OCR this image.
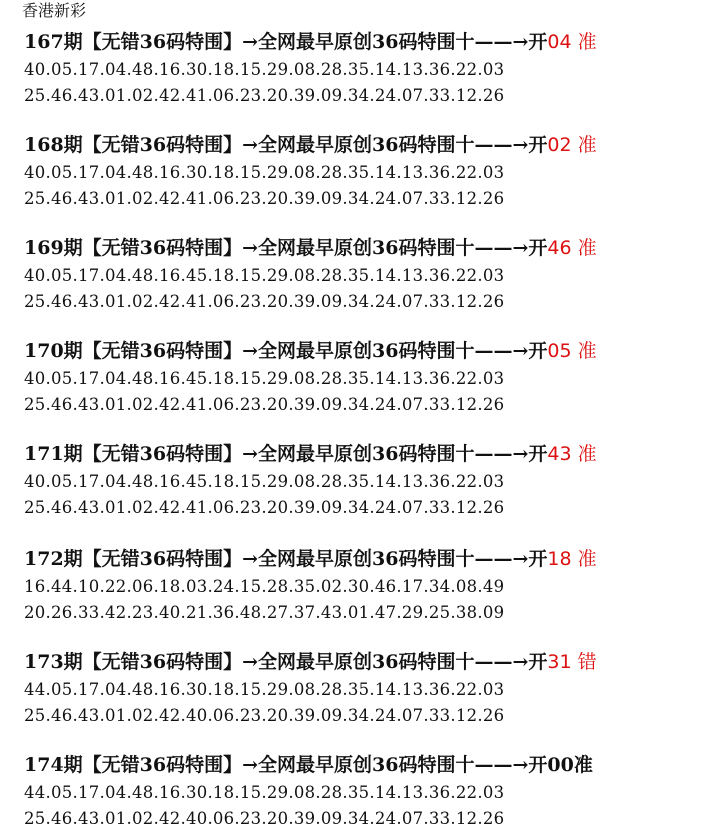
香港新彩
167期【无错36码特围】→全网最早原创36码特围十——→开04 准
40.05.17.04.48.16.30.18.15.29.08.28.35.14.13.36.22.03
25.46.43.01.02.42.41.06.23.20.39.09.34.24.07.33.12.26
168期【无错36码特围】→全网最早原创36码特围十——→开02 准
40.05.17.04.48.16.30.18.15.29.08.28.35.14.13.36.22.03
25.46.43.01.02.42.41.06.23.20.39.09.34.24.07.33.12.26
169期【无错36码特围】→全网最早原创36码特围十——→开46 准
40.05.17.04.48.16.45.18.15.29.08.28.35.14.13.36.22.03
25.46.43.01.02.42.41.06.23.20.39.09.34.24.07.33.12.26
170期【无错36码特围】→全网最早原创36码特围十——→开05 准
40.05.17.04.48.16.45.18.15.29.08.28.35.14.13.36.22.03
25.46.43.01.02.42.41.06.23.20.39.09.34.24.07.33.12.26
171期【无错36码特围】→全网最早原创36码特围十——→开43 准
40.05.17.04.48.16.45.18.15.29.08.28.35.14.13.36.22.03
25.46.43.01.02.42.41.06.23.20.39.09.34.24.07.33.12.26
172期【无错36码特围】→全网最早原创36码特围十——→开18 准
16.44.10.22.06.18.03.24.15.28.35.02.30.46.17.34.08.49
20.26.33.42.23.40.21.36.48.27.37.43.01.47.29.25.38.09
173期【无错36码特围】→全网最早原创36码特围十——→开31 错
44.05.17.04.48.16.30.18.15.29.08.28.35.14.13.36.22.03
25.46.43.01.02.42.40.06.23.20.39.09.34.24.07.33.12.26
174期【无错36码特围】→全网最早原创36码特围十——→开00准
44.05.17.04.48.16.30.18.15.29.08.28.35.14.13.36.22.03
25.46.43.01.02.42.40.06.23.20.39.09.34.24.07.33.12.26
